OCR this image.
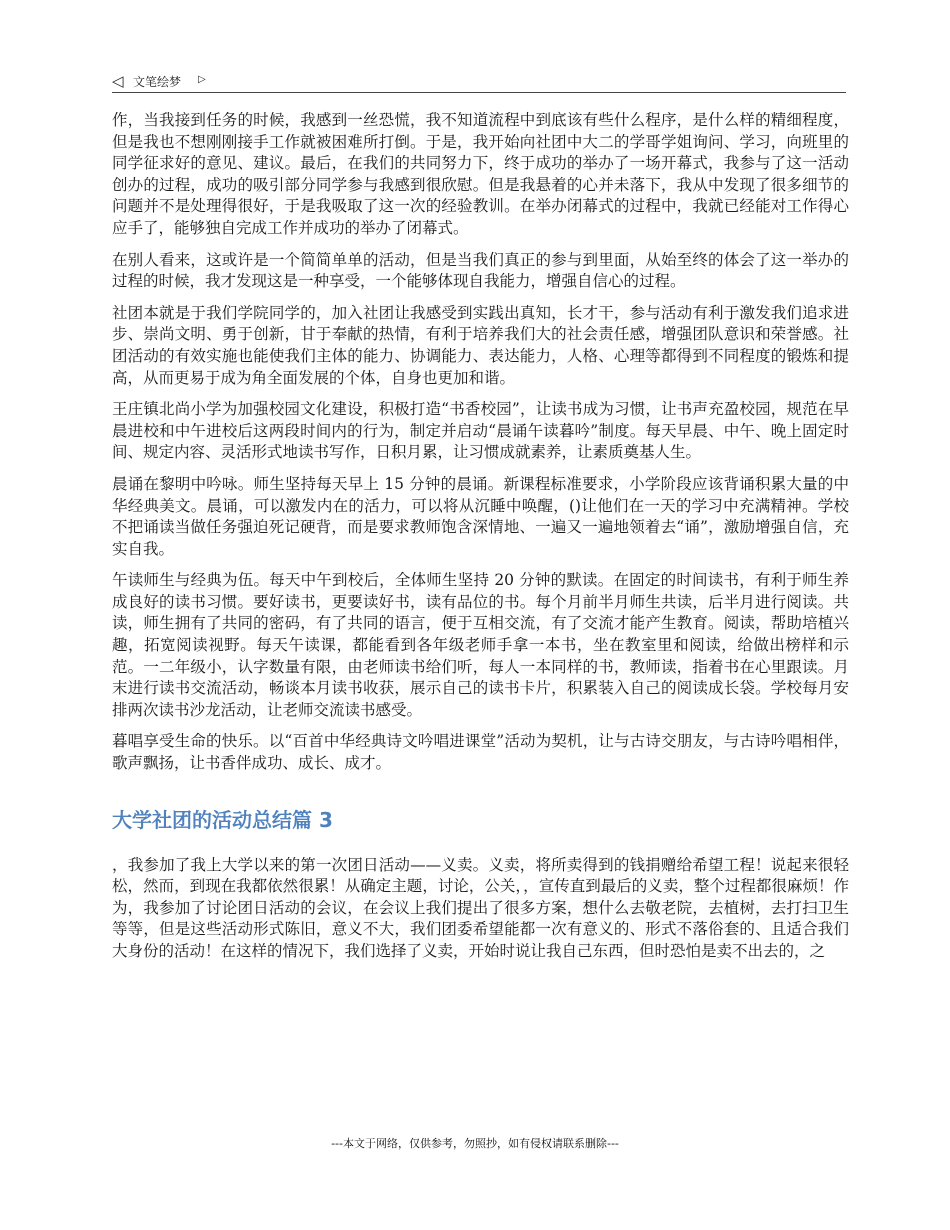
◁ 文笔绘梦 ▷

作，当我接到任务的时候，我感到一丝恐慌，我不知道流程中到底该有些什么程序，是什么样的精细程度，但是我也不想刚刚接手工作就被困难所打倒。于是，我开始向社团中大二的学哥学姐询问、学习，向班里的同学征求好的意见、建议。最后，在我们的共同努力下，终于成功的举办了一场开幕式，我参与了这一活动创办的过程，成功的吸引部分同学参与我感到很欣慰。但是我悬着的心并未落下，我从中发现了很多细节的问题并不是处理得很好，于是我吸取了这一次的经验教训。在举办闭幕式的过程中，我就已经能对工作得心应手了，能够独自完成工作并成功的举办了闭幕式。

在别人看来，这或许是一个简简单单的活动，但是当我们真正的参与到里面，从始至终的体会了这一举办的过程的时候，我才发现这是一种享受，一个能够体现自我能力，增强自信心的过程。

社团本就是于我们学院同学的，加入社团让我感受到实践出真知，长才干，参与活动有利于激发我们追求进步、崇尚文明、勇于创新，甘于奉献的热情，有利于培养我们大的社会责任感，增强团队意识和荣誉感。社团活动的有效实施也能使我们主体的能力、协调能力、表达能力，人格、心理等都得到不同程度的锻炼和提高，从而更易于成为角全面发展的个体，自身也更加和谐。

王庄镇北尚小学为加强校园文化建设，积极打造“书香校园”，让读书成为习惯，让书声充盈校园，规范在早晨进校和中午进校后这两段时间内的行为，制定并启动“晨诵午读暮吟”制度。每天早晨、中午、晚上固定时间、规定内容、灵活形式地读书写作，日积月累，让习惯成就素养，让素质奠基人生。

晨诵在黎明中吟咏。师生坚持每天早上 15 分钟的晨诵。新课程标准要求，小学阶段应该背诵积累大量的中华经典美文。晨诵，可以激发内在的活力，可以将从沉睡中唤醒，()让他们在一天的学习中充满精神。学校不把诵读当做任务强迫死记硬背，而是要求教师饱含深情地、一遍又一遍地领着去“诵”，激励增强自信，充实自我。

午读师生与经典为伍。每天中午到校后，全体师生坚持 20 分钟的默读。在固定的时间读书，有利于师生养成良好的读书习惯。要好读书，更要读好书，读有品位的书。每个月前半月师生共读，后半月进行阅读。共读，师生拥有了共同的密码，有了共同的语言，便于互相交流，有了交流才能产生教育。阅读，帮助培植兴趣，拓宽阅读视野。每天午读课，都能看到各年级老师手拿一本书，坐在教室里和阅读，给做出榜样和示范。一二年级小，认字数量有限，由老师读书给们听，每人一本同样的书，教师读，指着书在心里跟读。月末进行读书交流活动，畅谈本月读书收获，展示自己的读书卡片，积累装入自己的阅读成长袋。学校每月安排两次读书沙龙活动，让老师交流读书感受。

暮唱享受生命的快乐。以“百首中华经典诗文吟唱进课堂”活动为契机，让与古诗交朋友，与古诗吟唱相伴，歌声飘扬，让书香伴成功、成长、成才。

大学社团的活动总结篇 3

，我参加了我上大学以来的第一次团日活动——义卖。义卖，将所卖得到的钱捐赠给希望工程！说起来很轻松，然而，到现在我都依然很累！从确定主题，讨论，公关，，宣传直到最后的义卖，整个过程都很麻烦！作为，我参加了讨论团日活动的会议，在会议上我们提出了很多方案，想什么去敬老院，去植树，去打扫卫生等等，但是这些活动形式陈旧，意义不大，我们团委希望能都一次有意义的、形式不落俗套的、且适合我们大身份的活动！在这样的情况下，我们选择了义卖，开始时说让我自己东西，但时恐怕是卖不出去的，之

---本文于网络，仅供参考，勿照抄，如有侵权请联系删除---
